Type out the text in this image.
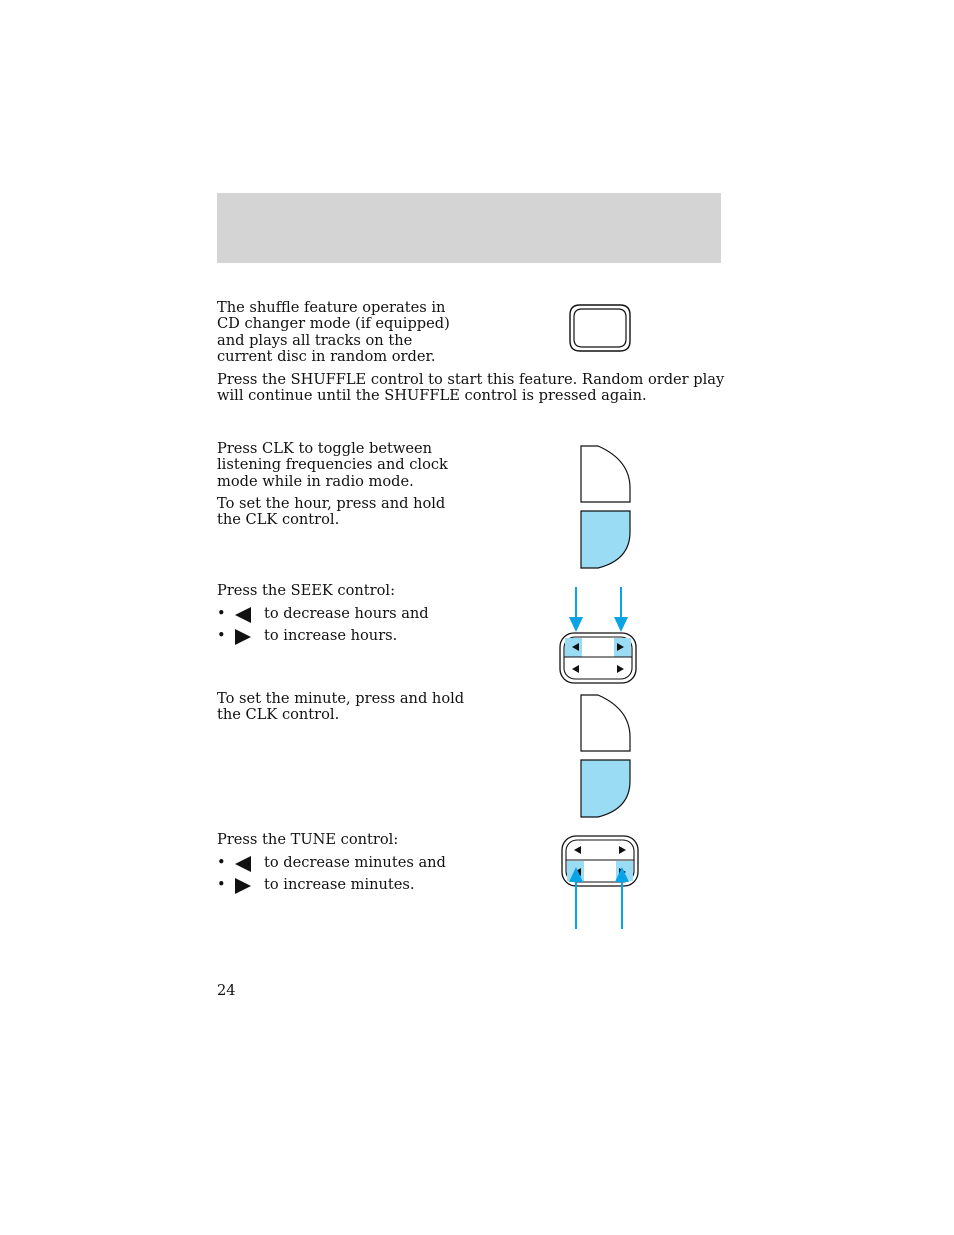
The shuffle feature operates in CD changer mode (if equipped) and plays all tracks on the current disc in random order.

Press the SHUFFLE control to start this feature. Random order play will continue until the SHUFFLE control is pressed again.

Press CLK to toggle between listening frequencies and clock mode while in radio mode.

To set the hour, press and hold the CLK control.

Press the SEEK control:

•	to decrease hours and
•	to increase hours.

To set the minute, press and hold the CLK control.

Press the TUNE control:

•	to decrease minutes and
•	to increase minutes.
24
